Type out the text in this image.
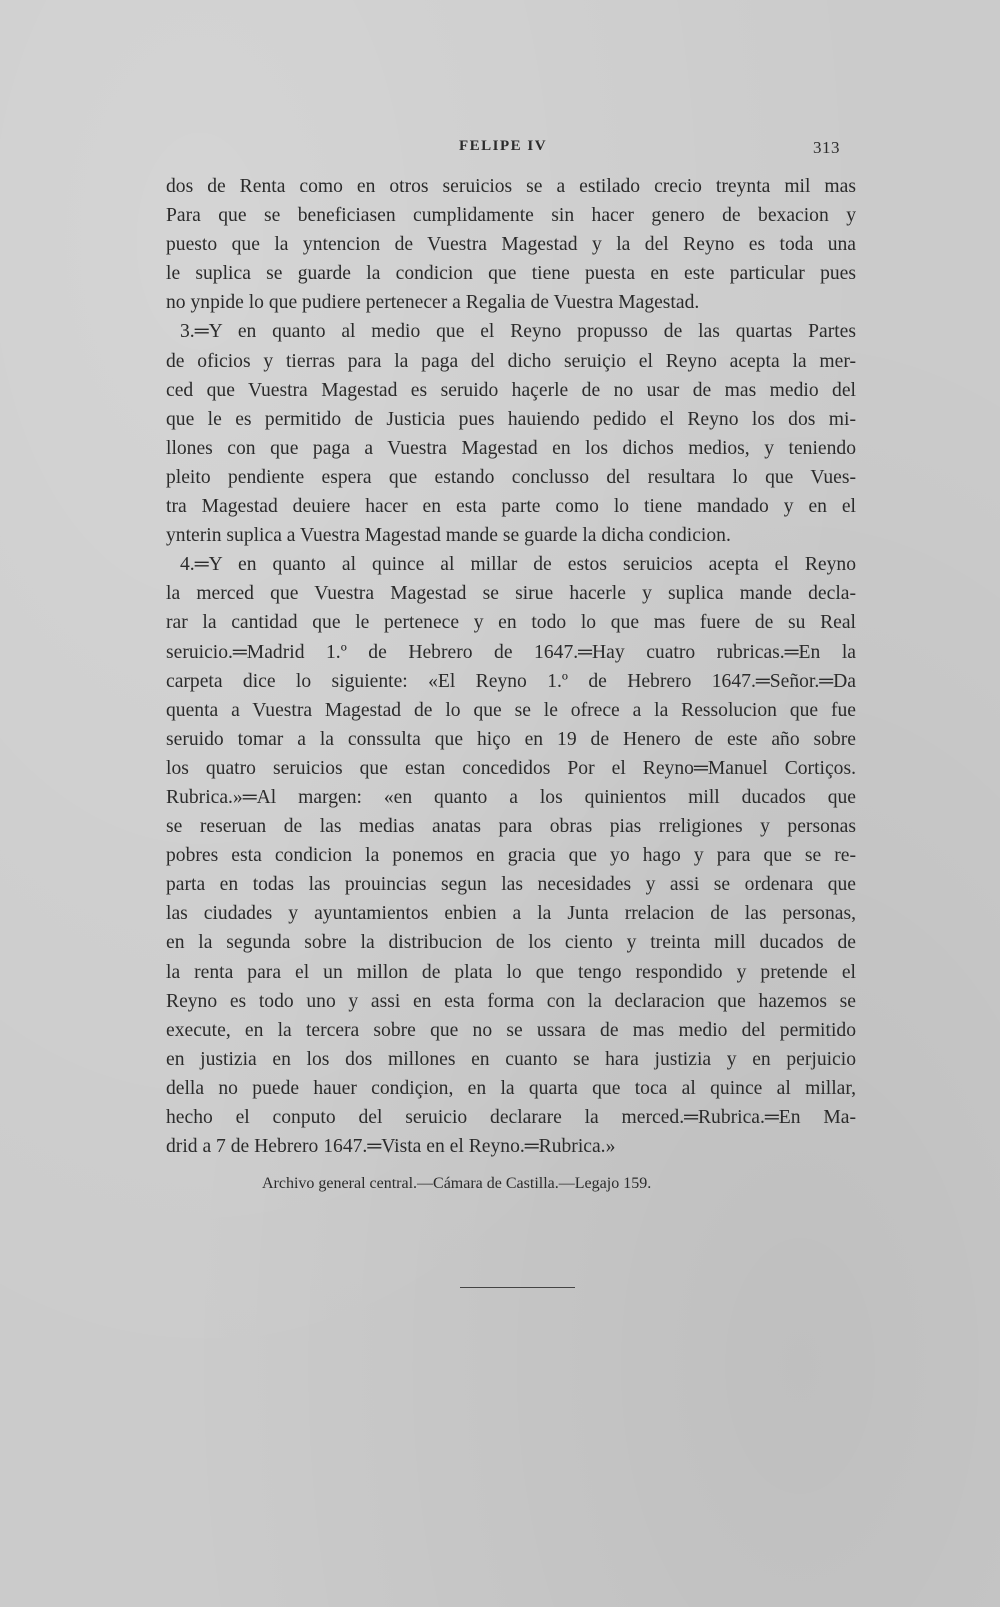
FELIPE IV	313
dos de Renta como en otros seruicios se a estilado crecio treynta mil mas
Para que se beneficiasen cumplidamente sin hacer genero de bexacion y
puesto que la yntencion de Vuestra Magestad y la del Reyno es toda una
le suplica se guarde la condicion que tiene puesta en este particular pues
no ynpide lo que pudiere pertenecer a Regalia de Vuestra Magestad.
3.═Y en quanto al medio que el Reyno propusso de las quartas Partes
de oficios y tierras para la paga del dicho seruiçio el Reyno acepta la mer-
ced que Vuestra Magestad es seruido haçerle de no usar de mas medio del
que le es permitido de Justicia pues hauiendo pedido el Reyno los dos mi-
llones con que paga a Vuestra Magestad en los dichos medios, y teniendo
pleito pendiente espera que estando conclusso del resultara lo que Vues-
tra Magestad deuiere hacer en esta parte como lo tiene mandado y en el
ynterin suplica a Vuestra Magestad mande se guarde la dicha condicion.
4.═Y en quanto al quince al millar de estos seruicios acepta el Reyno
la merced que Vuestra Magestad se sirue hacerle y suplica mande decla-
rar la cantidad que le pertenece y en todo lo que mas fuere de su Real
seruicio.═Madrid 1.º de Hebrero de 1647.═Hay cuatro rubricas.═En la
carpeta dice lo siguiente: «El Reyno 1.º de Hebrero 1647.═Señor.═Da
quenta a Vuestra Magestad de lo que se le ofrece a la Ressolucion que fue
seruido tomar a la conssulta que hiço en 19 de Henero de este año sobre
los quatro seruicios que estan concedidos Por el Reyno═Manuel Cortiços.
Rubrica.»═Al margen: «en quanto a los quinientos mill ducados que
se reseruan de las medias anatas para obras pias rreligiones y personas
pobres esta condicion la ponemos en gracia que yo hago y para que se re-
parta en todas las prouincias segun las necesidades y assi se ordenara que
las ciudades y ayuntamientos enbien a la Junta rrelacion de las personas,
en la segunda sobre la distribucion de los ciento y treinta mill ducados de
la renta para el un millon de plata lo que tengo respondido y pretende el
Reyno es todo uno y assi en esta forma con la declaracion que hazemos se
execute, en la tercera sobre que no se ussara de mas medio del permitido
en justizia en los dos millones en cuanto se hara justizia y en perjuicio
della no puede hauer condiçion, en la quarta que toca al quince al millar,
hecho el conputo del seruicio declarare la merced.═Rubrica.═En Ma-
drid a 7 de Hebrero 1647.═Vista en el Reyno.═Rubrica.»
Archivo general central.—Cámara de Castilla.—Legajo 159.
